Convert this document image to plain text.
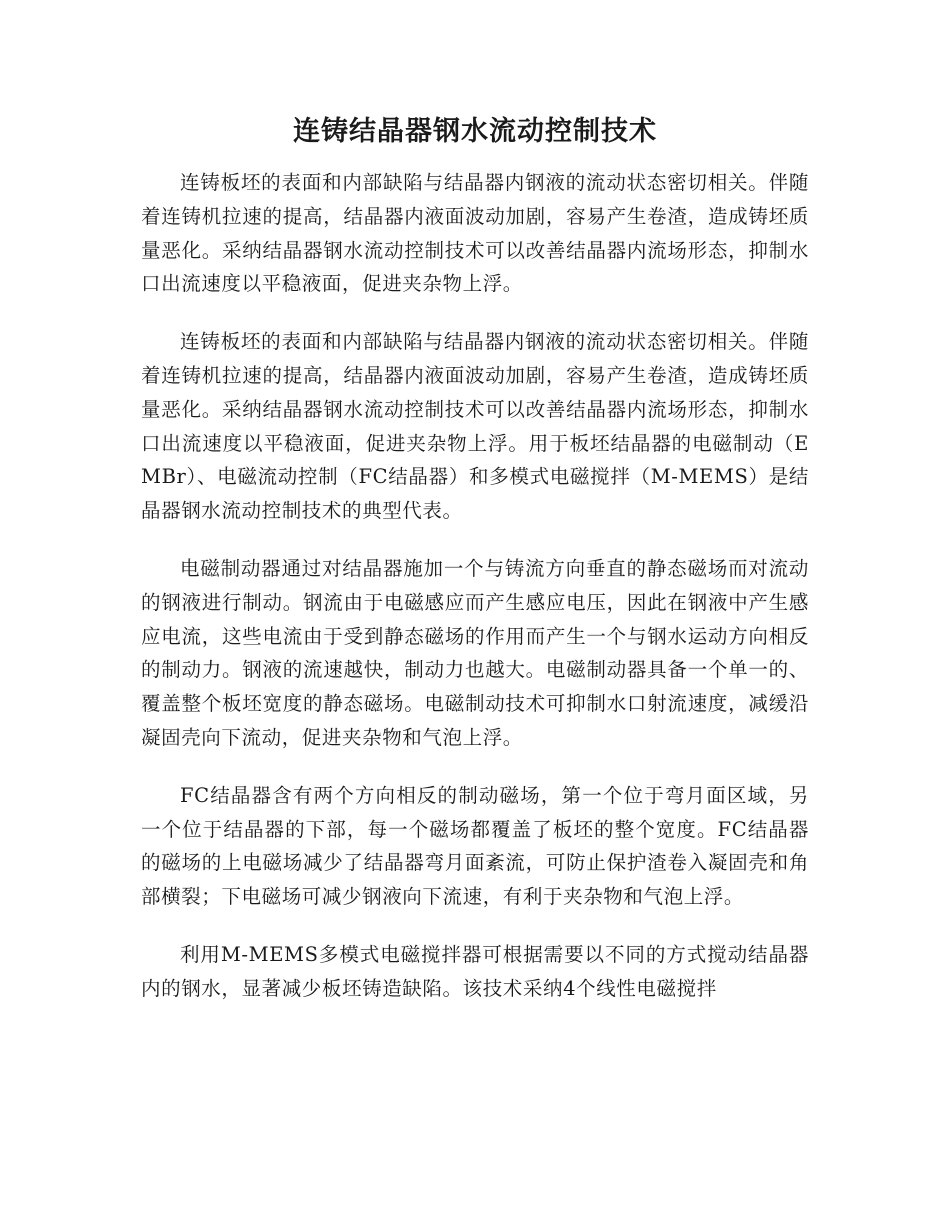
连铸结晶器钢水流动控制技术

连铸板坯的表面和内部缺陷与结晶器内钢液的流动状态密切相关。伴随着连铸机拉速的提高，结晶器内液面波动加剧，容易产生卷渣，造成铸坯质量恶化。采纳结晶器钢水流动控制技术可以改善结晶器内流场形态，抑制水口出流速度以平稳液面，促进夹杂物上浮。

连铸板坯的表面和内部缺陷与结晶器内钢液的流动状态密切相关。伴随着连铸机拉速的提高，结晶器内液面波动加剧，容易产生卷渣，造成铸坯质量恶化。采纳结晶器钢水流动控制技术可以改善结晶器内流场形态，抑制水口出流速度以平稳液面，促进夹杂物上浮。用于板坯结晶器的电磁制动（EMBr）、电磁流动控制（FC结晶器）和多模式电磁搅拌（M-MEMS）是结晶器钢水流动控制技术的典型代表。

电磁制动器通过对结晶器施加一个与铸流方向垂直的静态磁场而对流动的钢液进行制动。钢流由于电磁感应而产生感应电压，因此在钢液中产生感应电流，这些电流由于受到静态磁场的作用而产生一个与钢水运动方向相反的制动力。钢液的流速越快，制动力也越大。电磁制动器具备一个单一的、覆盖整个板坯宽度的静态磁场。电磁制动技术可抑制水口射流速度，减缓沿凝固壳向下流动，促进夹杂物和气泡上浮。

FC结晶器含有两个方向相反的制动磁场，第一个位于弯月面区域，另一个位于结晶器的下部，每一个磁场都覆盖了板坯的整个宽度。FC结晶器的磁场的上电磁场减少了结晶器弯月面紊流，可防止保护渣卷入凝固壳和角部横裂；下电磁场可减少钢液向下流速，有利于夹杂物和气泡上浮。

利用M-MEMS多模式电磁搅拌器可根据需要以不同的方式搅动结晶器内的钢水，显著减少板坯铸造缺陷。该技术采纳4个线性电磁搅拌
